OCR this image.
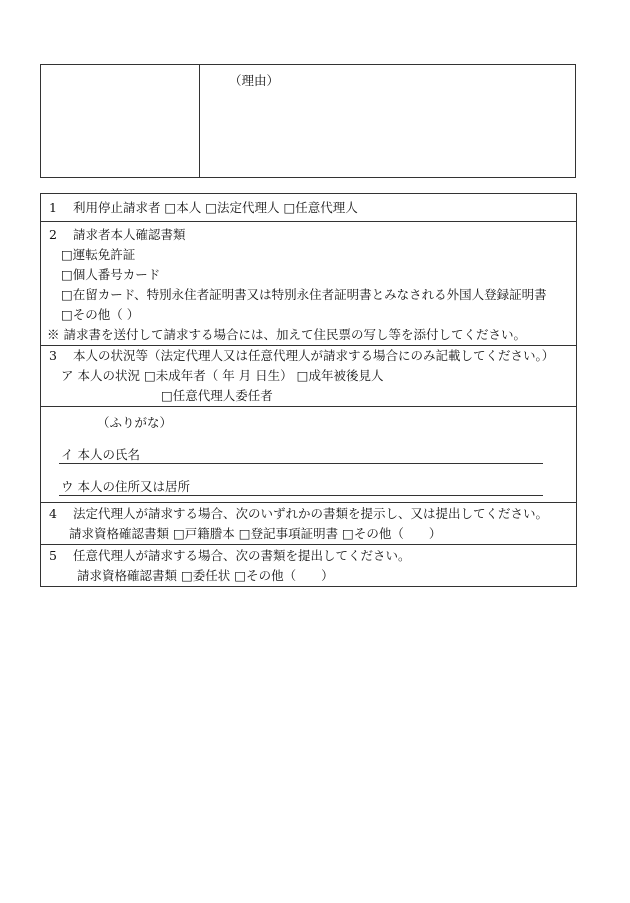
（理由）
1 利用停止請求者 □本人 □法定代理人 □任意代理人
2 請求者本人確認書類
□運転免許証
□個人番号カード
□在留カード、特別永住者証明書又は特別永住者証明書とみなされる外国人登録証明書
□その他（ ）
※ 請求書を送付して請求する場合には、加えて住民票の写し等を添付してください。
3 本人の状況等（法定代理人又は任意代理人が請求する場合にのみ記載してください。）
ア 本人の状況 □未成年者（ 年 月 日生） □成年被後見人
□任意代理人委任者
（ふりがな）
イ 本人の氏名
ウ 本人の住所又は居所
4 法定代理人が請求する場合、次のいずれかの書類を提示し、又は提出してください。
請求資格確認書類 □戸籍謄本 □登記事項証明書 □その他（　　）
5 任意代理人が請求する場合、次の書類を提出してください。
請求資格確認書類 □委任状 □その他（　　）
